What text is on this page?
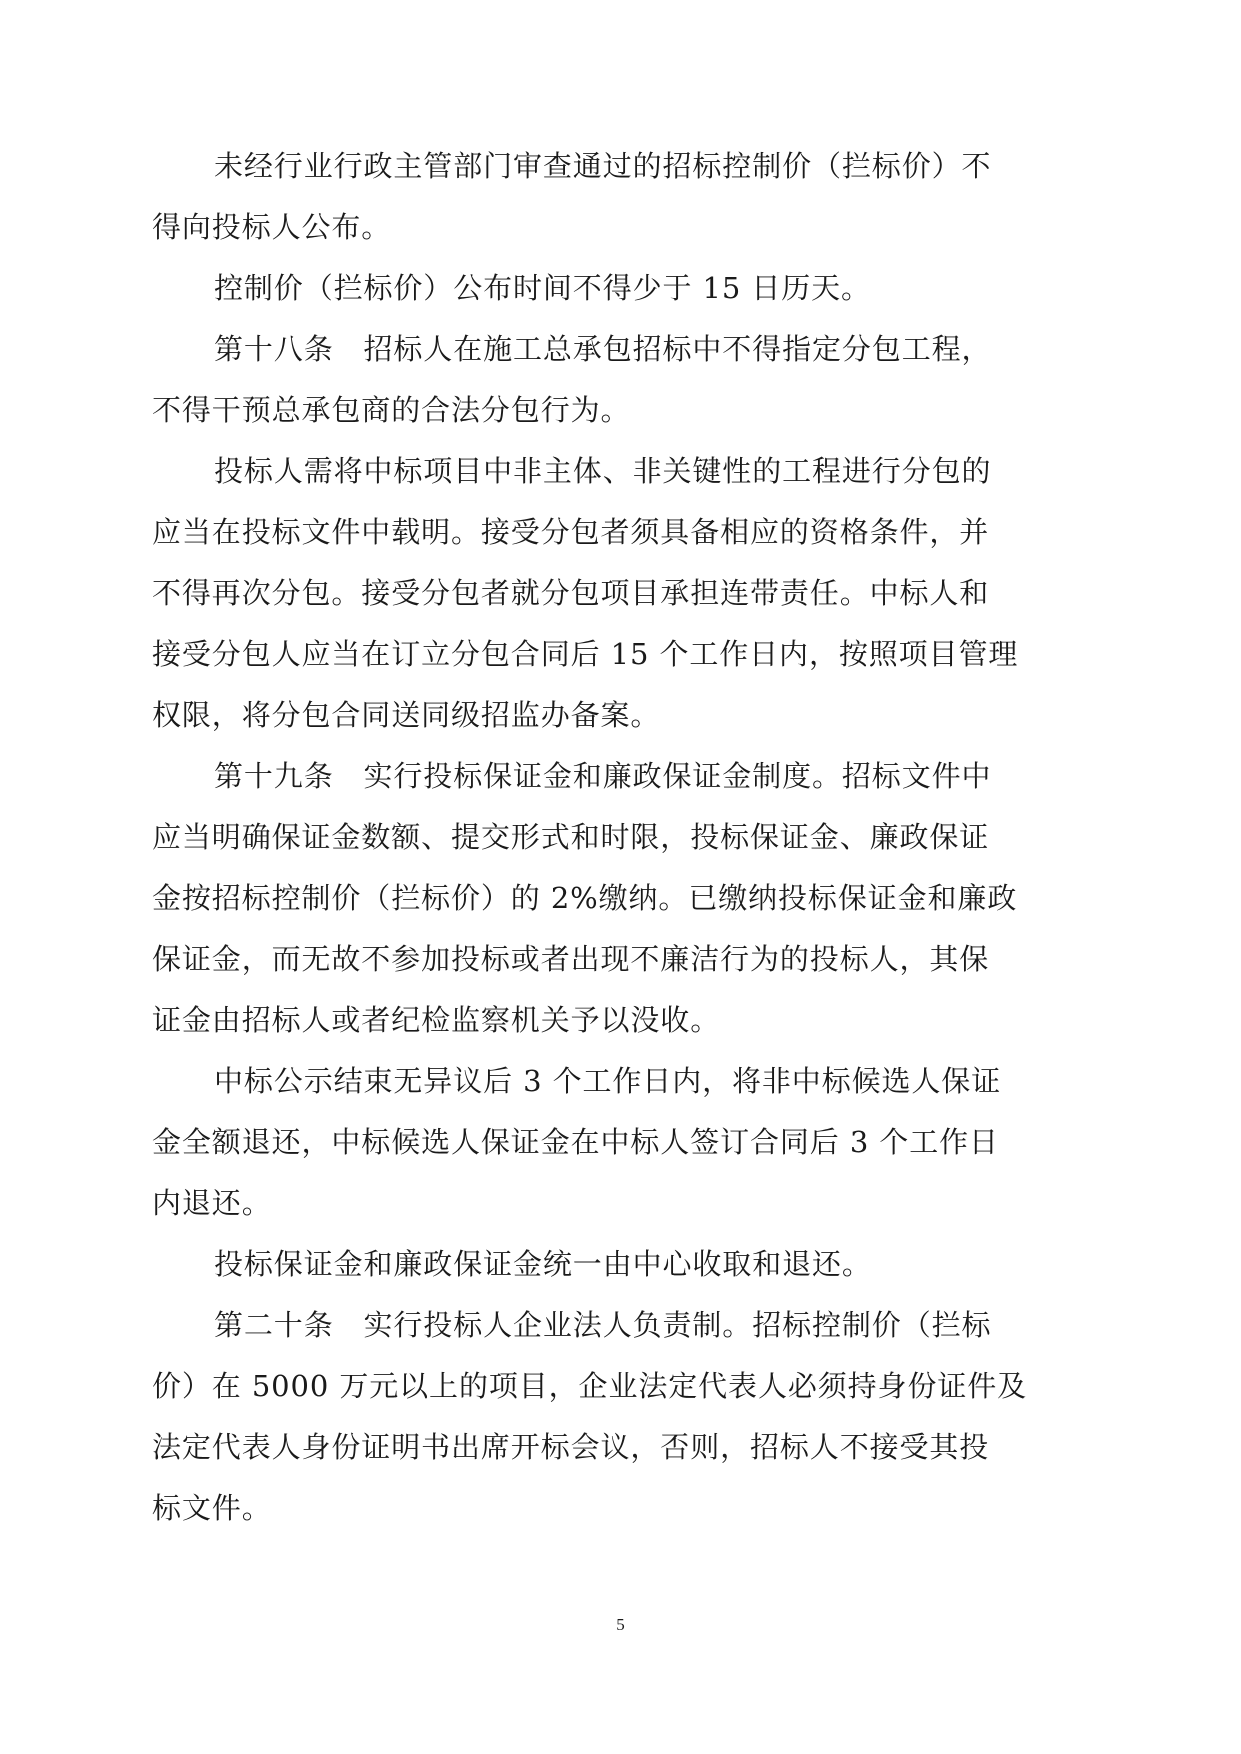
未经行业行政主管部门审查通过的招标控制价（拦标价）不

得向投标人公布。

控制价（拦标价）公布时间不得少于 15 日历天。

第十八条　招标人在施工总承包招标中不得指定分包工程，

不得干预总承包商的合法分包行为。

投标人需将中标项目中非主体、非关键性的工程进行分包的

应当在投标文件中载明。接受分包者须具备相应的资格条件，并

不得再次分包。接受分包者就分包项目承担连带责任。中标人和

接受分包人应当在订立分包合同后 15 个工作日内，按照项目管理

权限，将分包合同送同级招监办备案。

第十九条　实行投标保证金和廉政保证金制度。招标文件中

应当明确保证金数额、提交形式和时限，投标保证金、廉政保证

金按招标控制价（拦标价）的 2%缴纳。已缴纳投标保证金和廉政

保证金，而无故不参加投标或者出现不廉洁行为的投标人，其保

证金由招标人或者纪检监察机关予以没收。

中标公示结束无异议后 3 个工作日内，将非中标候选人保证

金全额退还，中标候选人保证金在中标人签订合同后 3 个工作日

内退还。

投标保证金和廉政保证金统一由中心收取和退还。

第二十条　实行投标人企业法人负责制。招标控制价（拦标

价）在 5000 万元以上的项目，企业法定代表人必须持身份证件及

法定代表人身份证明书出席开标会议，否则，招标人不接受其投

标文件。

5
